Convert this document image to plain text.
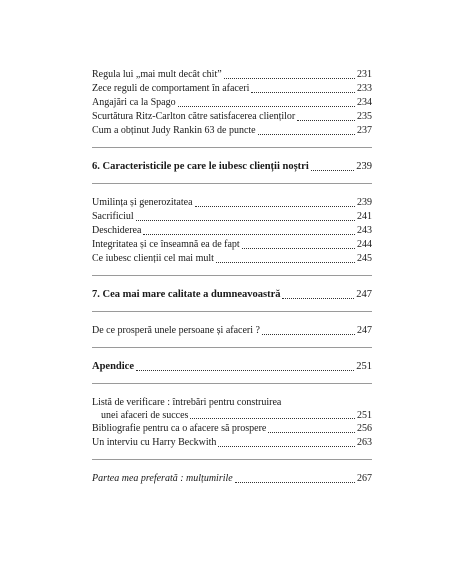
Regula lui „mai mult decât chit”	231
Zece reguli de comportament în afaceri	233
Angajări ca la Spago	234
Scurtătura Ritz-Carlton către satisfacerea clienților	235
Cum a obținut Judy Rankin 63 de puncte	237
6. Caracteristicile pe care le iubesc clienții noștri	239
Umilința și generozitatea	239
Sacrificiul	241
Deschiderea	243
Integritatea și ce înseamnă ea de fapt	244
Ce iubesc clienții cel mai mult	245
7. Cea mai mare calitate a dumneavoastră	247
De ce prosperă unele persoane și afaceri ?	247
Apendice	251
Listă de verificare : întrebări pentru construirea
unei afaceri de succes	251
Bibliografie pentru ca o afacere să prospere	256
Un interviu cu Harry Beckwith	263
Partea mea preferată : mulțumirile	267
